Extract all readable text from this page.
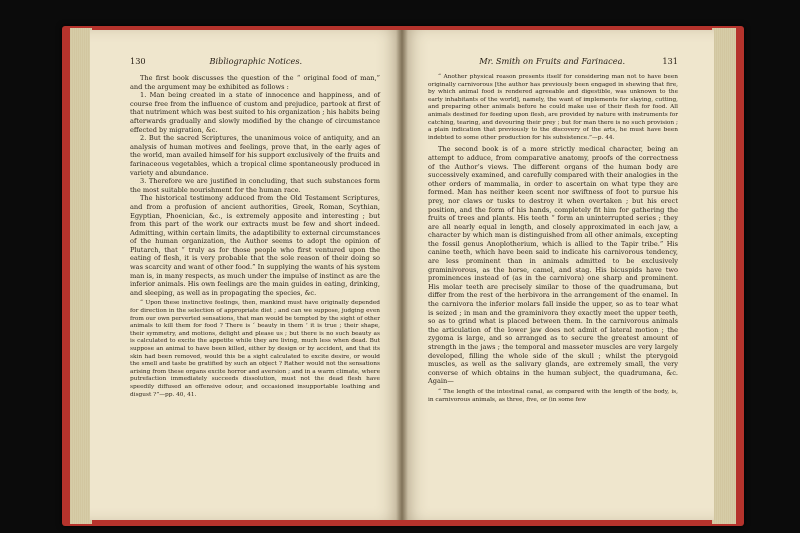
130	Bibliographic Notices.

The first book discusses the question of the “ original food of man,” and the argument may be exhibited as follows :

1. Man being created in a state of innocence and happiness, and of course free from the influence of custom and prejudice, partook at first of that nutriment which was best suited to his organization ; his habits being afterwards gradually and slowly modified by the change of circumstance effected by migration, &c.

2. But the sacred Scriptures, the unanimous voice of antiquity, and an analysis of human motives and feelings, prove that, in the early ages of the world, man availed himself for his support exclusively of the fruits and farinaceous vegetables, which a tropical clime spontaneously produced in variety and abundance.

3. Therefore we are justified in concluding, that such substances form the most suitable nourishment for the human race.

The historical testimony adduced from the Old Testament Scriptures, and from a profusion of ancient authorities, Greek, Roman, Scythian, Egyptian, Phoenician, &c., is extremely apposite and interesting ; but from this part of the work our extracts must be few and short indeed. Admitting, within certain limits, the adaptibility to external circumstances of the human organization, the Author seems to adopt the opinion of Plutarch, that “ truly as for those people who first ventured upon the eating of flesh, it is very probable that the sole reason of their doing so was scarcity and want of other food.” In supplying the wants of his system man is, in many respects, as much under the impulse of instinct as are the inferior animals. His own feelings are the main guides in eating, drinking, and sleeping, as well as in propagating the species, &c.

“ Upon these instinctive feelings, then, mankind must have originally depended for direction in the selection of appropriate diet ; and can we suppose, judging even from our own perverted sensations, that man would be tempted by the sight of other animals to kill them for food ? There is ‘ beauty in them ’ it is true ; their shape, their symmetry, and motions, delight and please us ; but there is no such beauty as is calculated to excite the appetite while they are living, much less when dead. But suppose an animal to have been killed, either by design or by accident, and that its skin had been removed, would this be a sight calculated to excite desire, or would the smell and taste be gratified by such an object ? Rather would not the sensations arising from these organs excite horror and aversion ; and in a warm climate, where putrefaction immediately succeeds dissolution, must not the dead flesh have speedily diffused an offensive odour, and occasioned insupportable loathing and disgust ?”—pp. 40, 41.

Mr. Smith on Fruits and Farinacea.	131

“ Another physical reason presents itself for considering man not to have been originally carnivorous [the author has previously been engaged in shewing that fire, by which animal food is rendered agreeable and digestible, was unknown to the early inhabitants of the world], namely, the want of implements for slaying, cutting, and preparing other animals before he could make use of their flesh for food. All animals destined for feeding upon flesh, are provided by nature with instruments for catching, tearing, and devouring their prey ; but for man there is no such provision ; a plain indication that previously to the discovery of the arts, he must have been indebted to some other production for his subsistence.”—p. 44.

The second book is of a more strictly medical character, being an attempt to adduce, from comparative anatomy, proofs of the correctness of the Author’s views. The different organs of the human body are successively examined, and carefully compared with their analogies in the other orders of mammalia, in order to ascertain on what type they are formed. Man has neither keen scent nor swiftness of foot to pursue his prey, nor claws or tusks to destroy it when overtaken ; but his erect position, and the form of his hands, completely fit him for gathering the fruits of trees and plants. His teeth “ form an uninterrupted series ; they are all nearly equal in length, and closely approximated in each jaw, a character by which man is distinguished from all other animals, excepting the fossil genus Anoplotherium, which is allied to the Tapir tribe.” His canine teeth, which have been said to indicate his carnivorous tendency, are less prominent than in animals admitted to be exclusively graminivorous, as the horse, camel, and stag. His bicuspids have two prominences instead of (as in the carnivora) one sharp and prominent. His molar teeth are precisely similar to those of the quadrumana, but differ from the rest of the herbivora in the arrangement of the enamel. In the carnivora the inferior molars fall inside the upper, so as to tear what is seized ; in man and the graminivora they exactly meet the upper teeth, so as to grind what is placed between them. In the carnivorous animals the articulation of the lower jaw does not admit of lateral motion ; the zygoma is large, and so arranged as to secure the greatest amount of strength in the jaws ; the temporal and masseter muscles are very largely developed, filling the whole side of the skull ; whilst the pterygoid muscles, as well as the salivary glands, are extremely small, the very converse of which obtains in the human subject, the quadrumana, &c. Again—

“ The length of the intestinal canal, as compared with the length of the body, is, in carnivorous animals, as three, five, or (in some few
